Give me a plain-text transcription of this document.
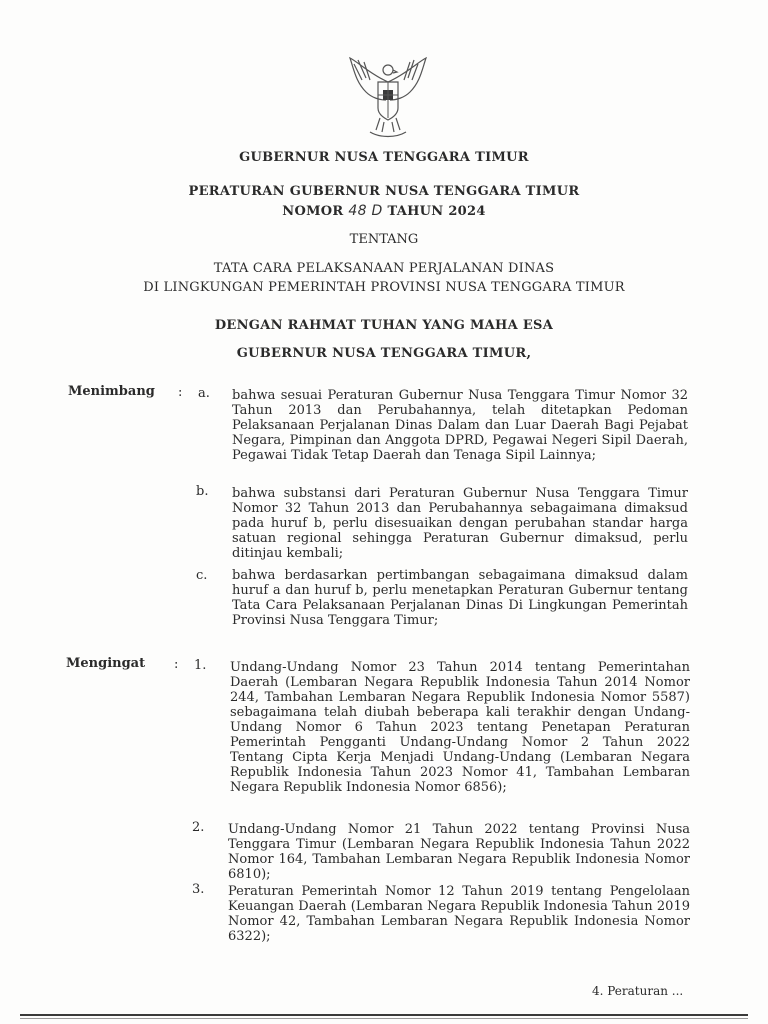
GUBERNUR NUSA TENGGARA TIMUR
PERATURAN GUBERNUR NUSA TENGGARA TIMUR
NOMOR 48 D TAHUN 2024
TENTANG
TATA CARA PELAKSANAAN PERJALANAN DINAS
DI LINGKUNGAN PEMERINTAH PROVINSI NUSA TENGGARA TIMUR
DENGAN RAHMAT TUHAN YANG MAHA ESA
GUBERNUR NUSA TENGGARA TIMUR,
Menimbang : a. bahwa sesuai Peraturan Gubernur Nusa Tenggara Timur Nomor 32 Tahun 2013 dan Perubahannya, telah ditetapkan Pedoman Pelaksanaan Perjalanan Dinas Dalam dan Luar Daerah Bagi Pejabat Negara, Pimpinan dan Anggota DPRD, Pegawai Negeri Sipil Daerah, Pegawai Tidak Tetap Daerah dan Tenaga Sipil Lainnya;
b. bahwa substansi dari Peraturan Gubernur Nusa Tenggara Timur Nomor 32 Tahun 2013 dan Perubahannya sebagaimana dimaksud pada huruf b, perlu disesuaikan dengan perubahan standar harga satuan regional sehingga Peraturan Gubernur dimaksud, perlu ditinjau kembali;
c. bahwa berdasarkan pertimbangan sebagaimana dimaksud dalam huruf a dan huruf b, perlu menetapkan Peraturan Gubernur tentang Tata Cara Pelaksanaan Perjalanan Dinas Di Lingkungan Pemerintah Provinsi Nusa Tenggara Timur;
Mengingat : 1. Undang-Undang Nomor 23 Tahun 2014 tentang Pemerintahan Daerah (Lembaran Negara Republik Indonesia Tahun 2014 Nomor 244, Tambahan Lembaran Negara Republik Indonesia Nomor 5587) sebagaimana telah diubah beberapa kali terakhir dengan Undang-Undang Nomor 6 Tahun 2023 tentang Penetapan Peraturan Pemerintah Pengganti Undang-Undang Nomor 2 Tahun 2022 Tentang Cipta Kerja Menjadi Undang-Undang (Lembaran Negara Republik Indonesia Tahun 2023 Nomor 41, Tambahan Lembaran Negara Republik Indonesia Nomor 6856);
2. Undang-Undang Nomor 21 Tahun 2022 tentang Provinsi Nusa Tenggara Timur (Lembaran Negara Republik Indonesia Tahun 2022 Nomor 164, Tambahan Lembaran Negara Republik Indonesia Nomor 6810);
3. Peraturan Pemerintah Nomor 12 Tahun 2019 tentang Pengelolaan Keuangan Daerah (Lembaran Negara Republik Indonesia Tahun 2019 Nomor 42, Tambahan Lembaran Negara Republik Indonesia Nomor 6322);
4. Peraturan ...
